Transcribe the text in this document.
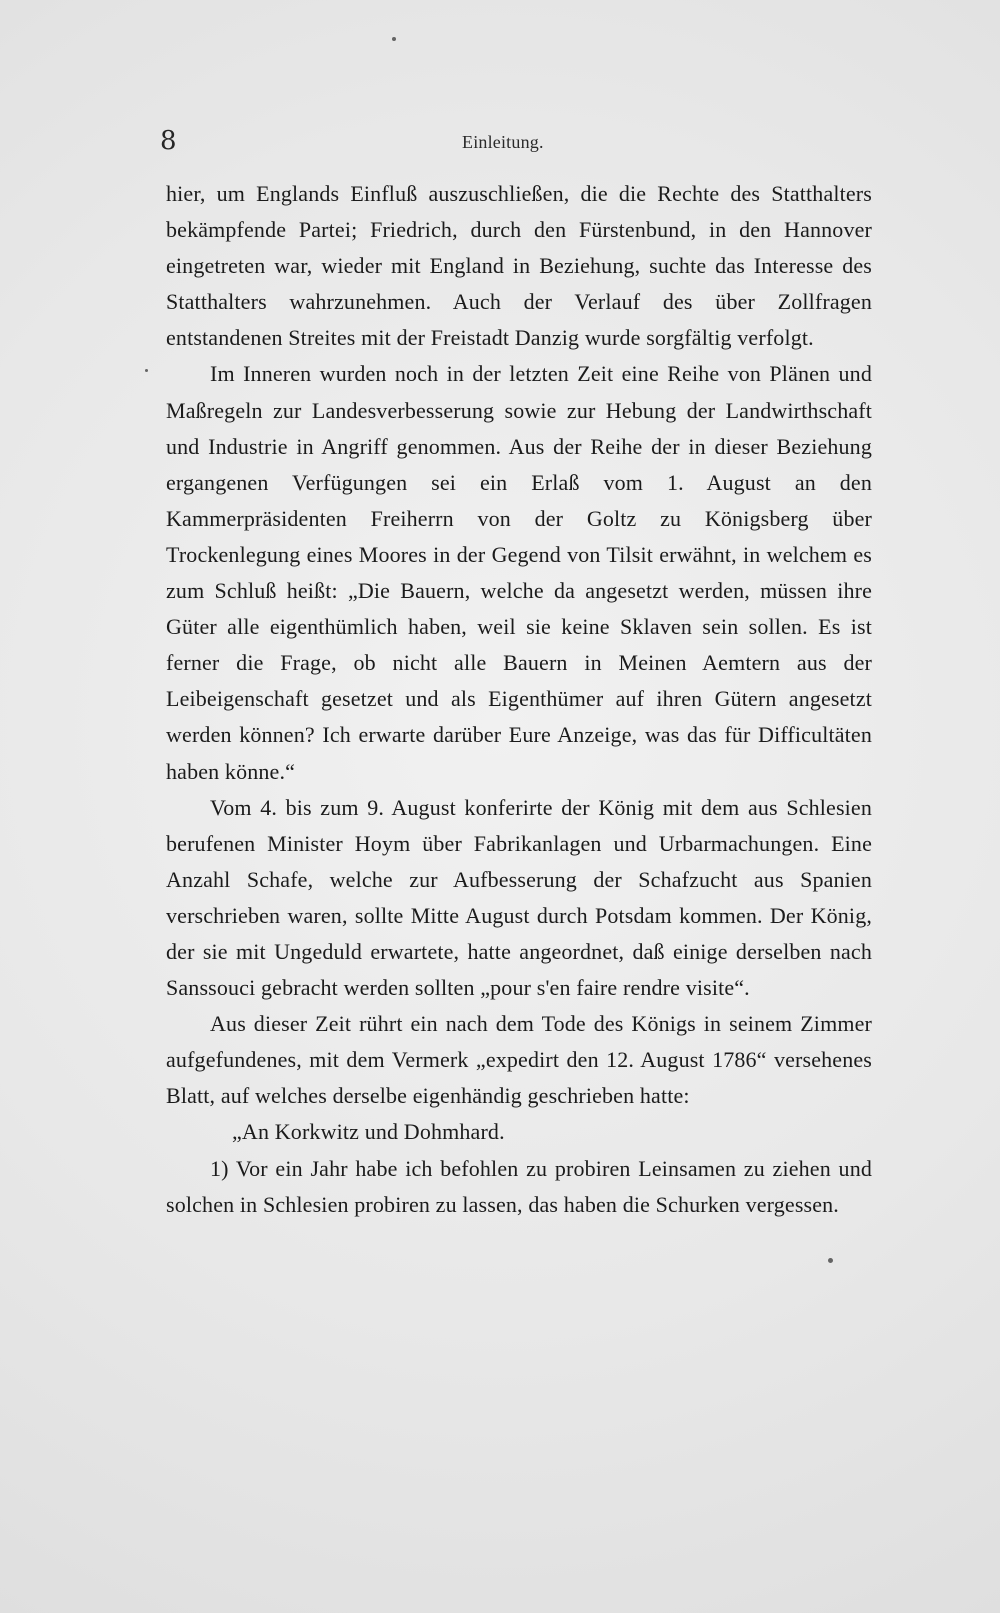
8	Einleitung.

hier, um Englands Einfluß auszuschließen, die die Rechte des Statthalters bekämpfende Partei; Friedrich, durch den Fürstenbund, in den Hannover eingetreten war, wieder mit England in Beziehung, suchte das Interesse des Statthalters wahrzunehmen. Auch der Verlauf des über Zollfragen entstandenen Streites mit der Freistadt Danzig wurde sorgfältig verfolgt.

Im Inneren wurden noch in der letzten Zeit eine Reihe von Plänen und Maßregeln zur Landesverbesserung sowie zur Hebung der Landwirthschaft und Industrie in Angriff genommen. Aus der Reihe der in dieser Beziehung ergangenen Verfügungen sei ein Erlaß vom 1. August an den Kammerpräsidenten Freiherrn von der Goltz zu Königsberg über Trockenlegung eines Moores in der Gegend von Tilsit erwähnt, in welchem es zum Schluß heißt: „Die Bauern, welche da angesetzt werden, müssen ihre Güter alle eigenthümlich haben, weil sie keine Sklaven sein sollen. Es ist ferner die Frage, ob nicht alle Bauern in Meinen Aemtern aus der Leibeigenschaft gesetzet und als Eigenthümer auf ihren Gütern angesetzt werden können? Ich erwarte darüber Eure Anzeige, was das für Difficultäten haben könne.“

Vom 4. bis zum 9. August konferirte der König mit dem aus Schlesien berufenen Minister Hoym über Fabrikanlagen und Urbarmachungen. Eine Anzahl Schafe, welche zur Aufbesserung der Schafzucht aus Spanien verschrieben waren, sollte Mitte August durch Potsdam kommen. Der König, der sie mit Ungeduld erwartete, hatte angeordnet, daß einige derselben nach Sanssouci gebracht werden sollten „pour s'en faire rendre visite“.

Aus dieser Zeit rührt ein nach dem Tode des Königs in seinem Zimmer aufgefundenes, mit dem Vermerk „expedirt den 12. August 1786“ versehenes Blatt, auf welches derselbe eigenhändig geschrieben hatte:

„An Korkwitz und Dohmhard.

1) Vor ein Jahr habe ich befohlen zu probiren Leinsamen zu ziehen und solchen in Schlesien probiren zu lassen, das haben die Schurken vergessen.
